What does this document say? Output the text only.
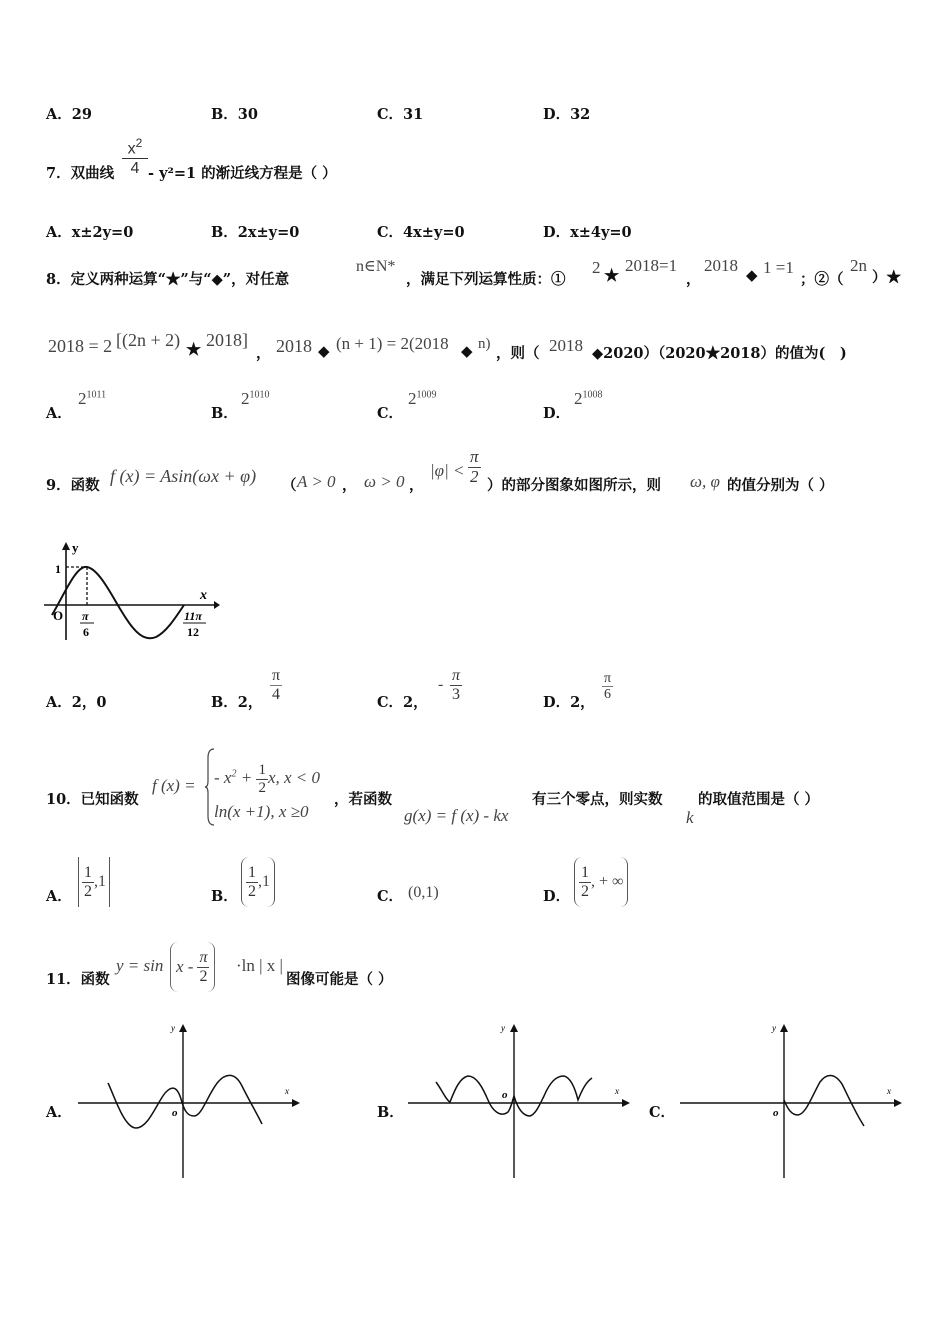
A．29	B．30	C．31	D．32
7．双曲线
$x^2$
4 - y²=1 的渐近线方程是（ ）
A．x±2y=0	B．2x±y=0	C．4x±y=0	D．x±4y=0
8．定义两种运算“★”与“◆”，对任意
n∈N*
，满足下列运算性质：①
2 ★
2018=1
，
2018 ◆ 1 =1
；②（
2n
）★
2018 = 2 [(2n + 2) ★ 2018]
， 2018 ◆ (n + 1) = 2(2018 ◆ n)
，则（ 2018 ◆2020）（2020★2018）的值为(　)
A．
$2^{1011}$
B．
$2^{1010}$
C．
$2^{1009}$
D．
$2^{1008}$
9．函数 f (x) = Asin(ωx + φ) （ A > 0 ， ω > 0 ，
$|\varphi| < \frac{\pi}{2}$ ）的部分图象如图所示，则 ω, φ 的值分别为（ ）
y
x
1
O π
6
11π
12
A．2，0	B．2， $\frac{\pi}{4}$	C．2，
- $\frac{\pi}{3}$	D．2， $\frac{\pi}{6}$
10．已知函数
f (x) = - $x^2 + \frac{1}{2} x$, x < 0
ln(x +1), x ≥0
，若函数
g(x) = f (x) - kx
有三个零点，则实数
k
的取值范围是（ ）
A． $\frac{1}{2} ,1$
B． $\frac{1}{2} ,1$
C． (0,1)	D． $\frac{1}{2}$ , + ∞
11．函数
$y = \sin x - \frac{\pi}{2} \cdot\ln$ | x |
图像可能是（ ）
A．	o
x
y
B．
o	x
y
C．	o
x
y
